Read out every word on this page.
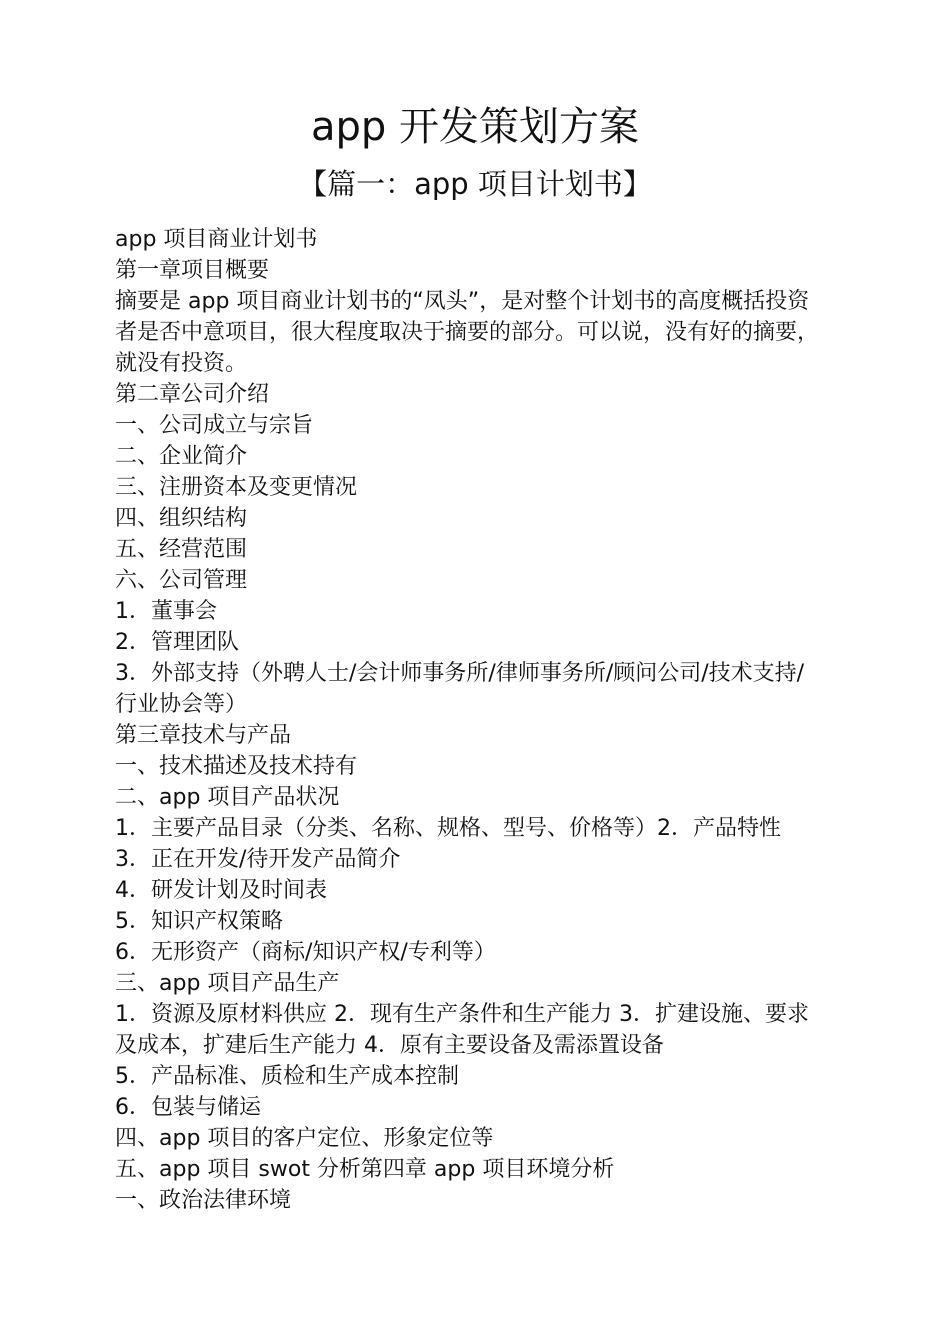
app 开发策划方案
【篇一：app 项目计划书】
app 项目商业计划书
第一章项目概要
摘要是 app 项目商业计划书的“凤头”，是对整个计划书的高度概括投资
者是否中意项目，很大程度取决于摘要的部分。可以说，没有好的摘要，
就没有投资。
第二章公司介绍
一、公司成立与宗旨
二、企业简介
三、注册资本及变更情况
四、组织结构
五、经营范围
六、公司管理
1．董事会
2．管理团队
3．外部支持（外聘人士/会计师事务所/律师事务所/顾问公司/技术支持/
行业协会等）
第三章技术与产品
一、技术描述及技术持有
二、app 项目产品状况
1．主要产品目录（分类、名称、规格、型号、价格等）2．产品特性
3．正在开发/待开发产品简介
4．研发计划及时间表
5．知识产权策略
6．无形资产（商标/知识产权/专利等）
三、app 项目产品生产
1．资源及原材料供应 2．现有生产条件和生产能力 3．扩建设施、要求
及成本，扩建后生产能力 4．原有主要设备及需添置设备
5．产品标准、质检和生产成本控制
6．包装与储运
四、app 项目的客户定位、形象定位等
五、app 项目 swot 分析第四章 app 项目环境分析
一、政治法律环境
